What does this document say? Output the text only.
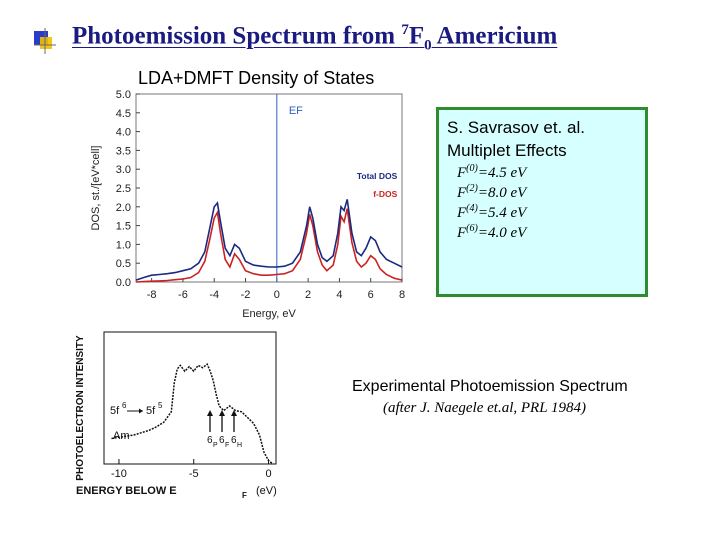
Photoemission Spectrum from $^7F_0$ Americium
LDA+DMFT Density of States
0.0
0.5
1.0
1.5
2.0
2.5
3.0
3.5
4.0
4.5
5.0
-8 -6 -4 -2 0 2 4 6 8
Energy, eV
DOS, st./[eV*cell]
EF
Total DOS
f-DOS
S. Savrasov et. al.
Multiplet Effects
$F^{(0)}=4.5$ eV
$F^{(2)}=8.0$ eV
$F^{(4)}=5.4$ eV
$F^{(6)}=4.0$ eV
-10	-5	0
PHOTOELECTRON INTENSITY
ENERGY BELOW E	F (eV)
5f 6 5f 5
Am	6 P 6 F 6 H
Experimental Photoemission Spectrum
(after J. Naegele et.al, PRL 1984)
